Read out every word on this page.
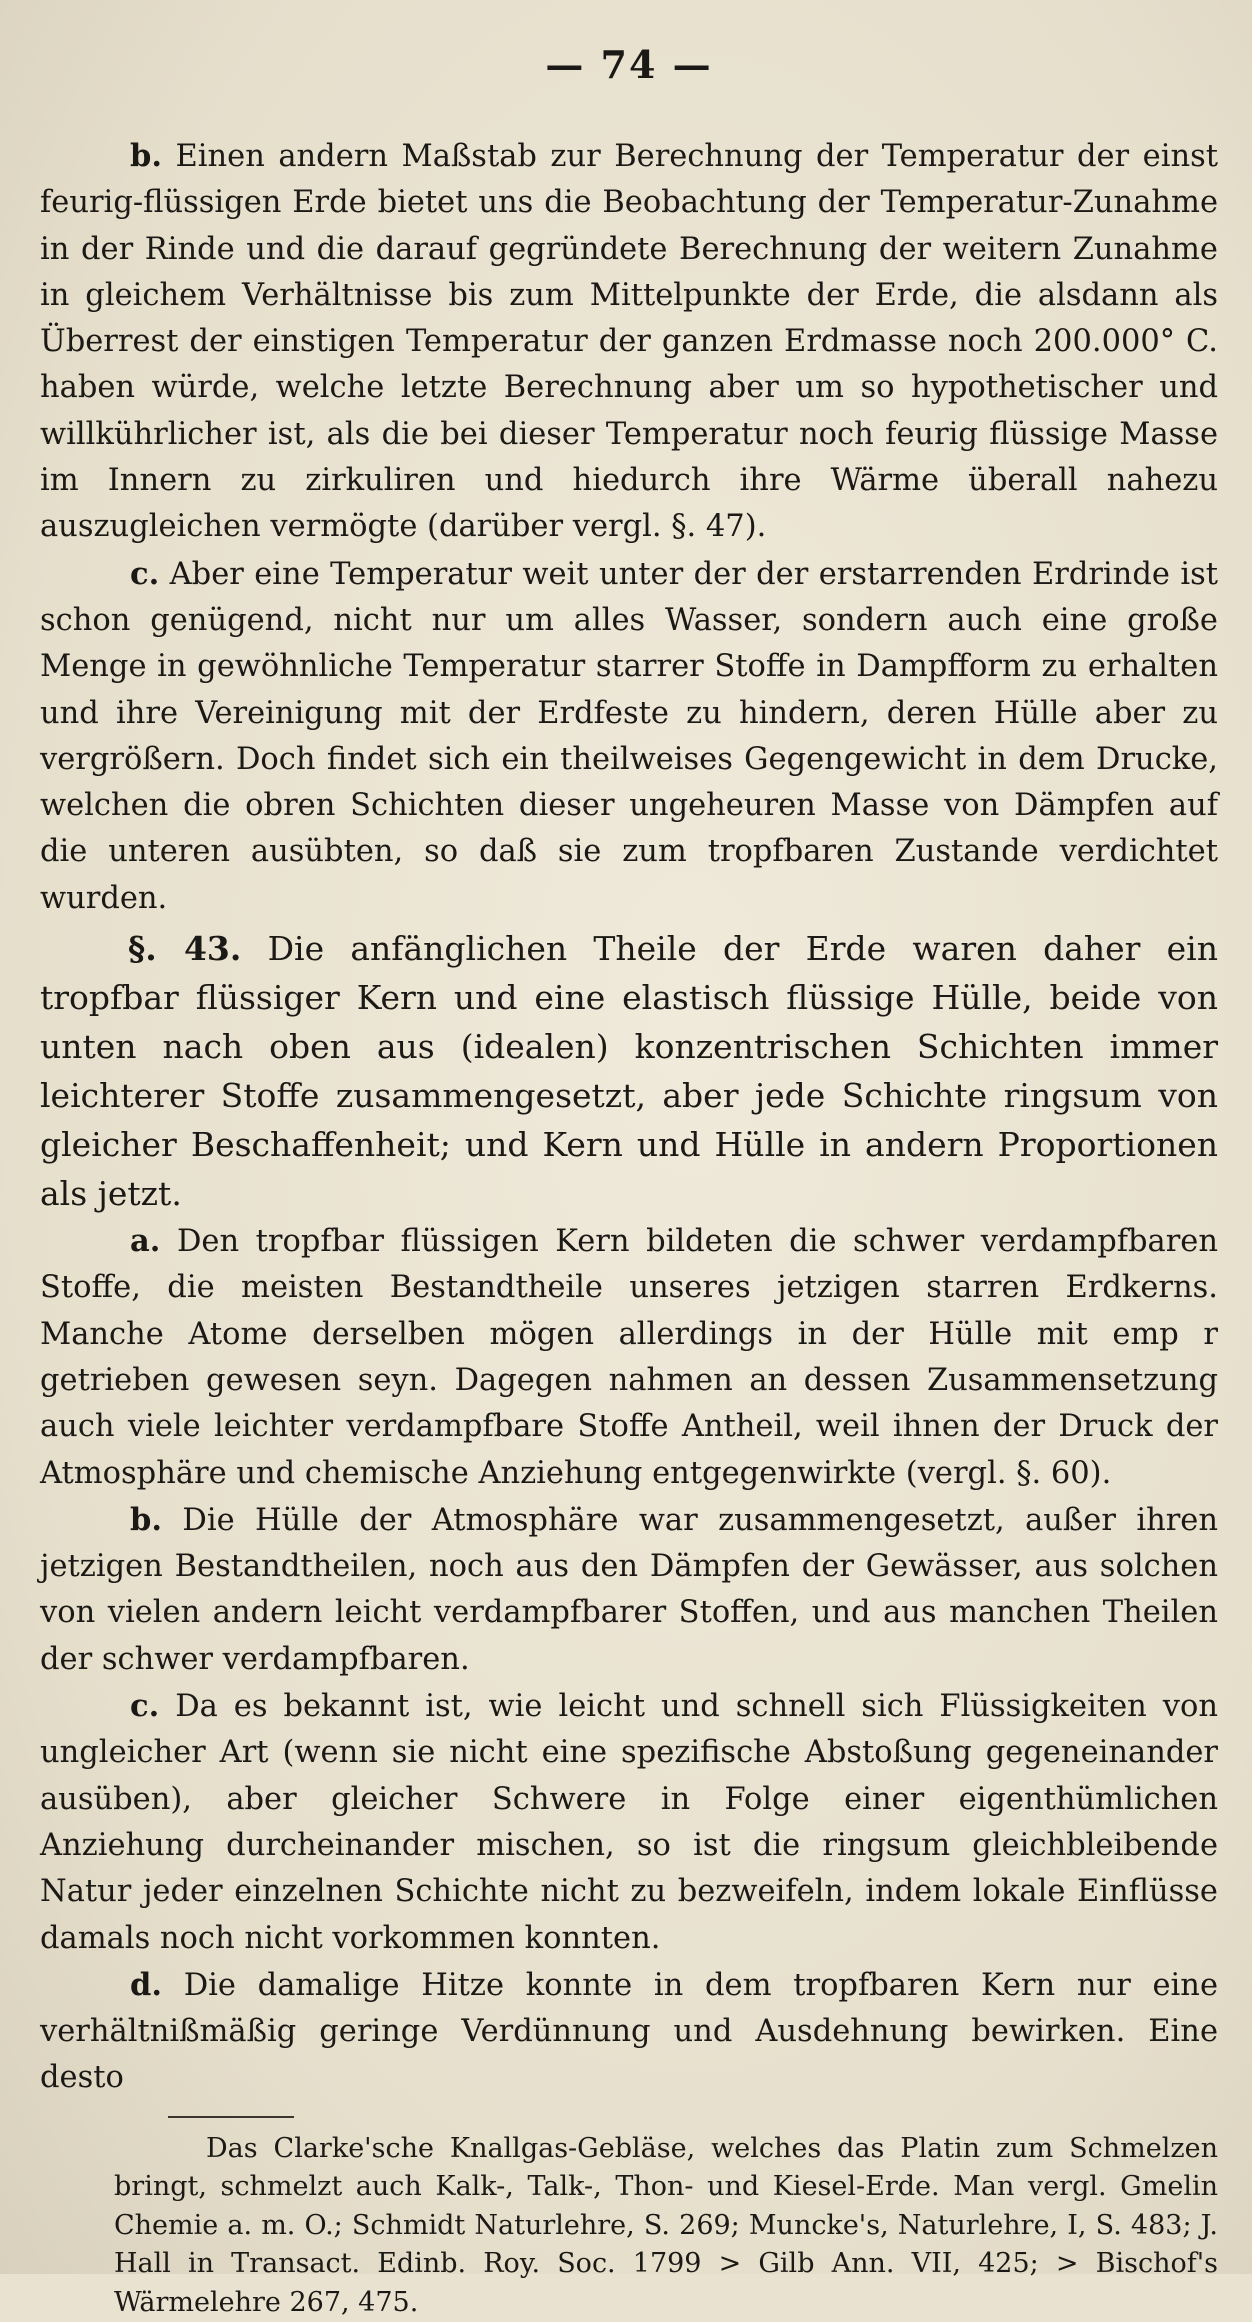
— 74 —

b. Einen andern Maßstab zur Berechnung der Temperatur der einst feurig-flüssigen Erde bietet uns die Beobachtung der Temperatur-Zunahme in der Rinde und die darauf gegründete Berechnung der weitern Zunahme in gleichem Verhältnisse bis zum Mittelpunkte der Erde, die alsdann als Überrest der einstigen Temperatur der ganzen Erdmasse noch 200.000° C. haben würde, welche letzte Berechnung aber um so hypothetischer und willkührlicher ist, als die bei dieser Temperatur noch feurig flüssige Masse im Innern zu zirkuliren und hiedurch ihre Wärme überall nahezu auszugleichen vermögte (darüber vergl. §. 47).

c. Aber eine Temperatur weit unter der der erstarrenden Erdrinde ist schon genügend, nicht nur um alles Wasser, sondern auch eine große Menge in gewöhnliche Temperatur starrer Stoffe in Dampfform zu erhalten und ihre Vereinigung mit der Erdfeste zu hindern, deren Hülle aber zu vergrößern. Doch findet sich ein theilweises Gegengewicht in dem Drucke, welchen die obren Schichten dieser ungeheuren Masse von Dämpfen auf die unteren ausübten, so daß sie zum tropfbaren Zustande verdichtet wurden.

§. 43. Die anfänglichen Theile der Erde waren daher ein tropfbar flüssiger Kern und eine elastisch flüssige Hülle, beide von unten nach oben aus (idealen) konzentrischen Schichten immer leichterer Stoffe zusammengesetzt, aber jede Schichte ringsum von gleicher Beschaffenheit; und Kern und Hülle in andern Proportionen als jetzt.

a. Den tropfbar flüssigen Kern bildeten die schwer verdampfbaren Stoffe, die meisten Bestandtheile unseres jetzigen starren Erdkerns. Manche Atome derselben mögen allerdings in der Hülle mit emp r getrieben gewesen seyn. Dagegen nahmen an dessen Zusammensetzung auch viele leichter verdampfbare Stoffe Antheil, weil ihnen der Druck der Atmosphäre und chemische Anziehung entgegenwirkte (vergl. §. 60).

b. Die Hülle der Atmosphäre war zusammengesetzt, außer ihren jetzigen Bestandtheilen, noch aus den Dämpfen der Gewässer, aus solchen von vielen andern leicht verdampfbarer Stoffen, und aus manchen Theilen der schwer verdampfbaren.

c. Da es bekannt ist, wie leicht und schnell sich Flüssigkeiten von ungleicher Art (wenn sie nicht eine spezifische Abstoßung gegeneinander ausüben), aber gleicher Schwere in Folge einer eigenthümlichen Anziehung durcheinander mischen, so ist die ringsum gleichbleibende Natur jeder einzelnen Schichte nicht zu bezweifeln, indem lokale Einflüsse damals noch nicht vorkommen konnten.

d. Die damalige Hitze konnte in dem tropfbaren Kern nur eine verhältnißmäßig geringe Verdünnung und Ausdehnung bewirken. Eine desto

Das Clarke'sche Knallgas-Gebläse, welches das Platin zum Schmelzen bringt, schmelzt auch Kalk-, Talk-, Thon- und Kiesel-Erde. Man vergl. Gmelin Chemie a. m. O.; Schmidt Naturlehre, S. 269; Muncke's, Naturlehre, I, S. 483; J. Hall in Transact. Edinb. Roy. Soc. 1799 > Gilb Ann. VII, 425; > Bischof's Wärmelehre 267, 475.
